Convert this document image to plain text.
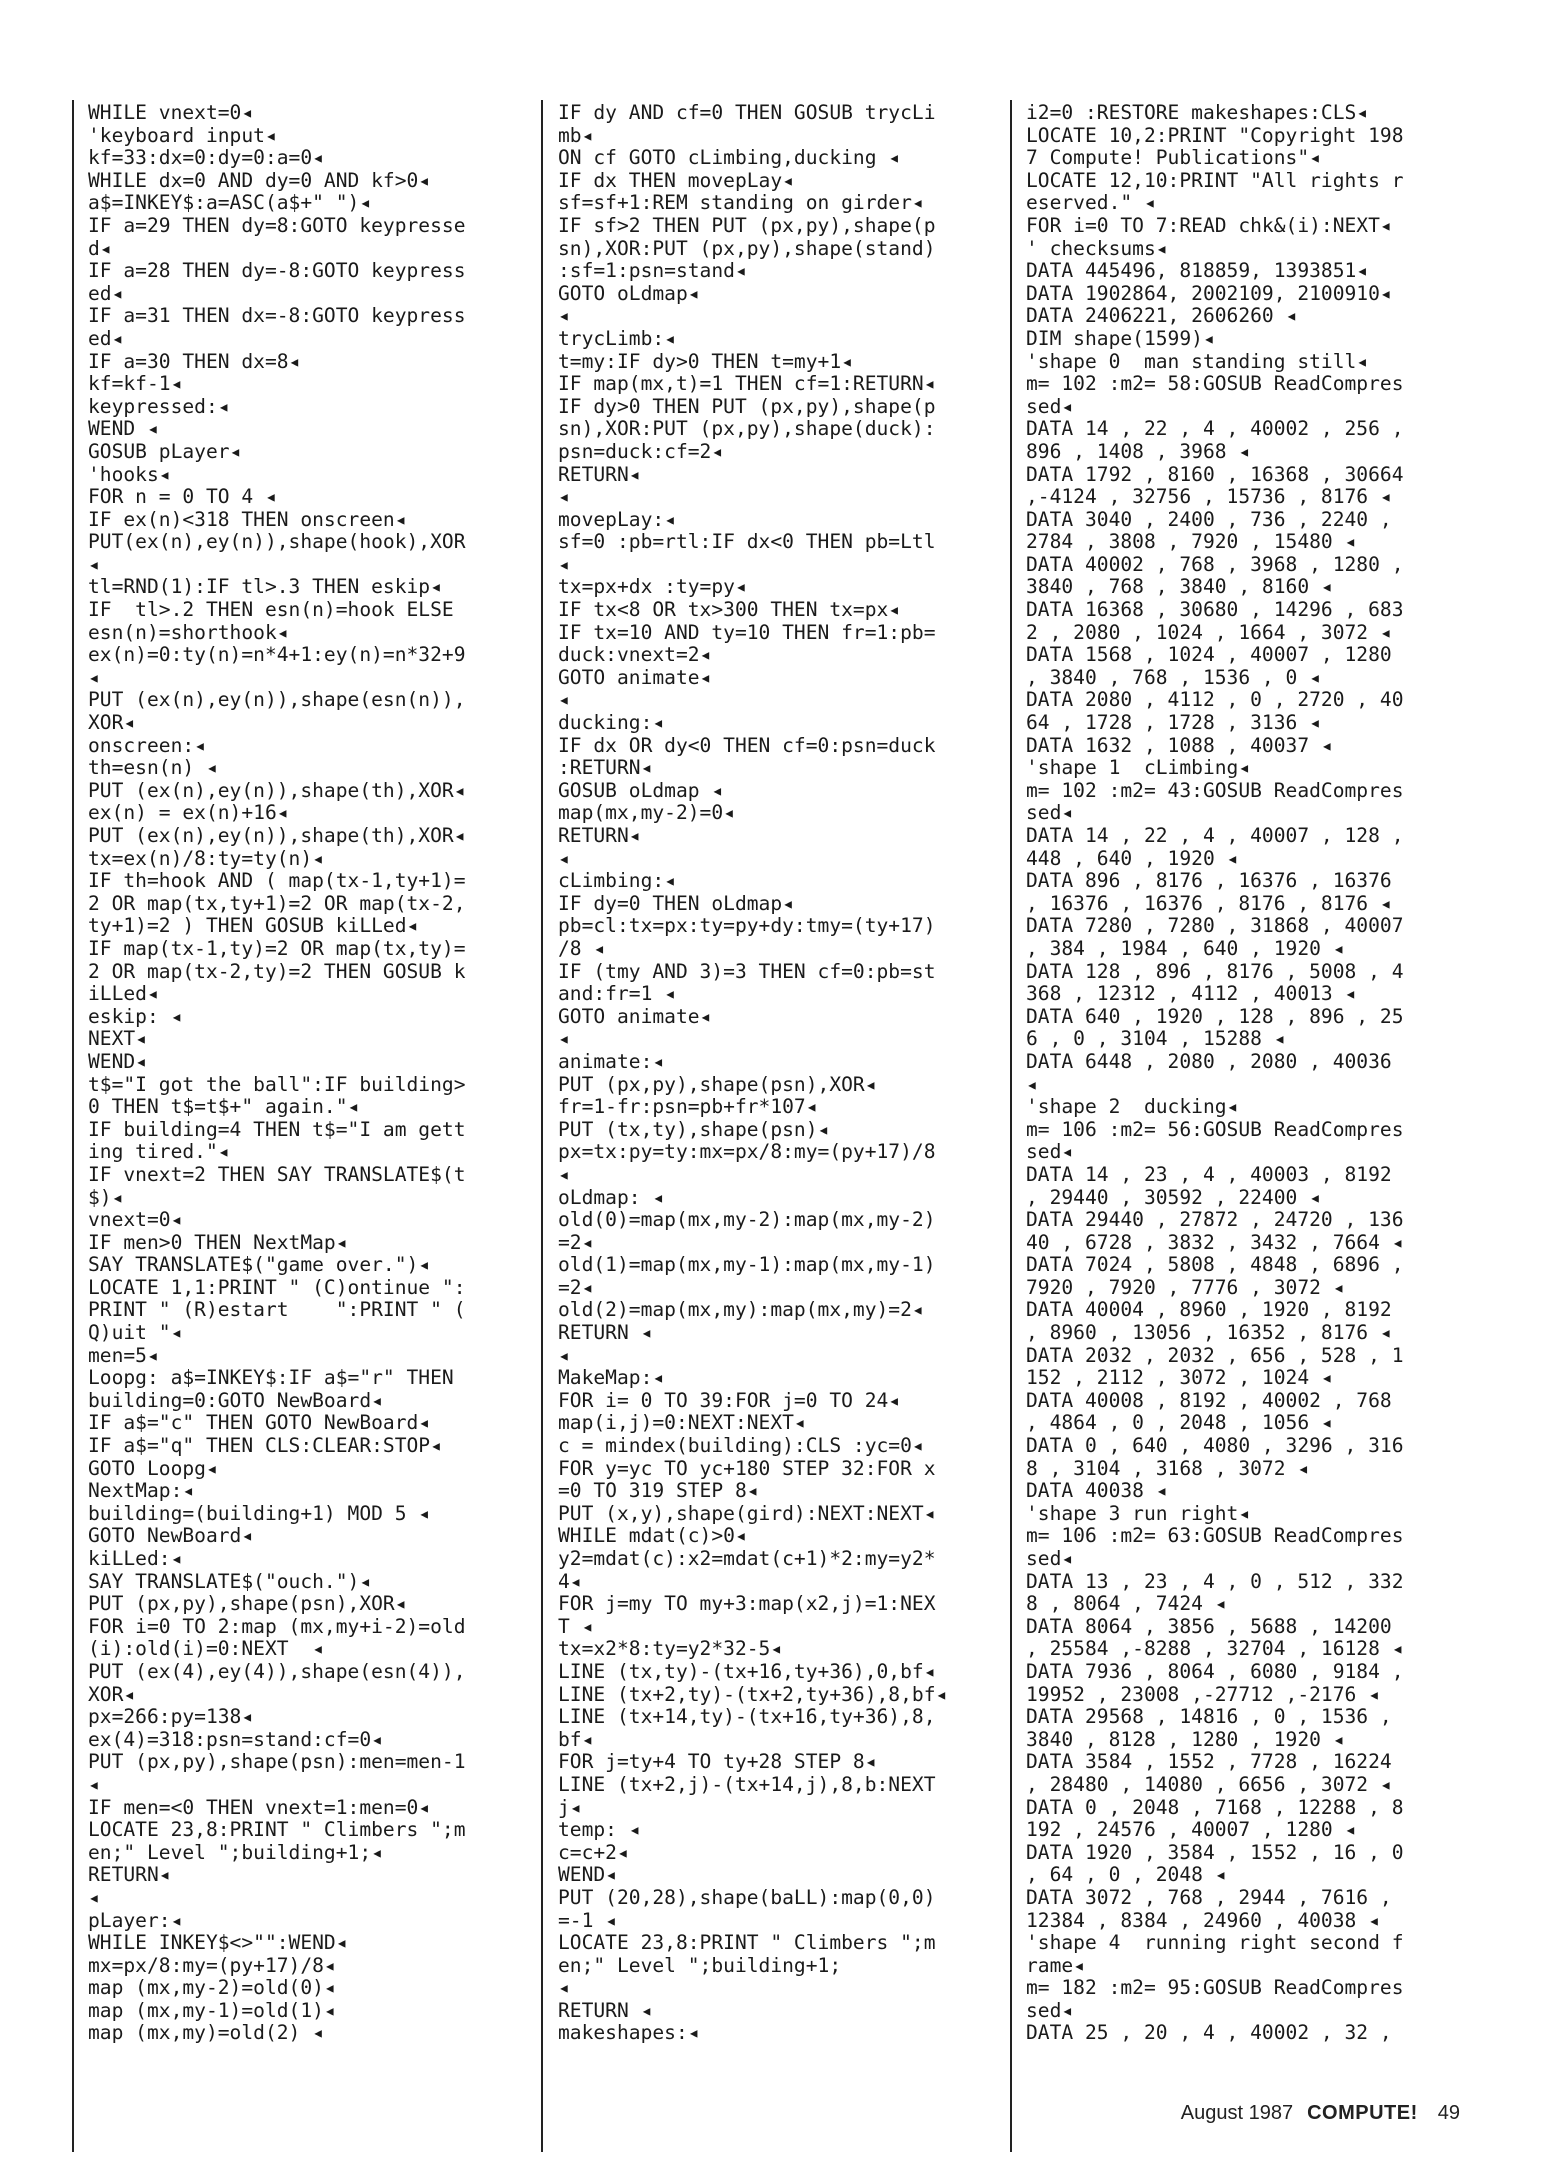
WHILE vnext=0◂
'keyboard input◂
kf=33:dx=0:dy=0:a=0◂
WHILE dx=0 AND dy=0 AND kf>0◂
a$=INKEY$:a=ASC(a$+" ")◂
IF a=29 THEN dy=8:GOTO keypresse
d◂
IF a=28 THEN dy=-8:GOTO keypress
ed◂
IF a=31 THEN dx=-8:GOTO keypress
ed◂
IF a=30 THEN dx=8◂
kf=kf-1◂
keypressed:◂
WEND ◂
GOSUB pLayer◂
'hooks◂
FOR n = 0 TO 4 ◂
IF ex(n)<318 THEN onscreen◂
PUT(ex(n),ey(n)),shape(hook),XOR
◂
tl=RND(1):IF tl>.3 THEN eskip◂
IF  tl>.2 THEN esn(n)=hook ELSE
esn(n)=shorthook◂
ex(n)=0:ty(n)=n*4+1:ey(n)=n*32+9
◂
PUT (ex(n),ey(n)),shape(esn(n)),
XOR◂
onscreen:◂
th=esn(n) ◂
PUT (ex(n),ey(n)),shape(th),XOR◂
ex(n) = ex(n)+16◂
PUT (ex(n),ey(n)),shape(th),XOR◂
tx=ex(n)/8:ty=ty(n)◂
IF th=hook AND ( map(tx-1,ty+1)=
2 OR map(tx,ty+1)=2 OR map(tx-2,
ty+1)=2 ) THEN GOSUB kiLLed◂
IF map(tx-1,ty)=2 OR map(tx,ty)=
2 OR map(tx-2,ty)=2 THEN GOSUB k
iLLed◂
eskip: ◂
NEXT◂
WEND◂
t$="I got the ball":IF building>
0 THEN t$=t$+" again."◂
IF building=4 THEN t$="I am gett
ing tired."◂
IF vnext=2 THEN SAY TRANSLATE$(t
$)◂
vnext=0◂
IF men>0 THEN NextMap◂
SAY TRANSLATE$("game over.")◂
LOCATE 1,1:PRINT " (C)ontinue ":
PRINT " (R)estart    ":PRINT " (
Q)uit "◂
men=5◂
Loopg: a$=INKEY$:IF a$="r" THEN
building=0:GOTO NewBoard◂
IF a$="c" THEN GOTO NewBoard◂
IF a$="q" THEN CLS:CLEAR:STOP◂
GOTO Loopg◂
NextMap:◂
building=(building+1) MOD 5 ◂
GOTO NewBoard◂
kiLLed:◂
SAY TRANSLATE$("ouch.")◂
PUT (px,py),shape(psn),XOR◂
FOR i=0 TO 2:map (mx,my+i-2)=old
(i):old(i)=0:NEXT  ◂
PUT (ex(4),ey(4)),shape(esn(4)),
XOR◂
px=266:py=138◂
ex(4)=318:psn=stand:cf=0◂
PUT (px,py),shape(psn):men=men-1
◂
IF men=<0 THEN vnext=1:men=0◂
LOCATE 23,8:PRINT " Climbers ";m
en;" Level ";building+1;◂
RETURN◂
◂
pLayer:◂
WHILE INKEY$<>"":WEND◂
mx=px/8:my=(py+17)/8◂
map (mx,my-2)=old(0)◂
map (mx,my-1)=old(1)◂
map (mx,my)=old(2) ◂
IF dy AND cf=0 THEN GOSUB trycLi
mb◂
ON cf GOTO cLimbing,ducking ◂
IF dx THEN movepLay◂
sf=sf+1:REM standing on girder◂
IF sf>2 THEN PUT (px,py),shape(p
sn),XOR:PUT (px,py),shape(stand)
:sf=1:psn=stand◂
GOTO oLdmap◂
◂
trycLimb:◂
t=my:IF dy>0 THEN t=my+1◂
IF map(mx,t)=1 THEN cf=1:RETURN◂
IF dy>0 THEN PUT (px,py),shape(p
sn),XOR:PUT (px,py),shape(duck):
psn=duck:cf=2◂
RETURN◂
◂
movepLay:◂
sf=0 :pb=rtl:IF dx<0 THEN pb=Ltl
◂
tx=px+dx :ty=py◂
IF tx<8 OR tx>300 THEN tx=px◂
IF tx=10 AND ty=10 THEN fr=1:pb=
duck:vnext=2◂
GOTO animate◂
◂
ducking:◂
IF dx OR dy<0 THEN cf=0:psn=duck
:RETURN◂
GOSUB oLdmap ◂
map(mx,my-2)=0◂
RETURN◂
◂
cLimbing:◂
IF dy=0 THEN oLdmap◂
pb=cl:tx=px:ty=py+dy:tmy=(ty+17)
/8 ◂
IF (tmy AND 3)=3 THEN cf=0:pb=st
and:fr=1 ◂
GOTO animate◂
◂
animate:◂
PUT (px,py),shape(psn),XOR◂
fr=1-fr:psn=pb+fr*107◂
PUT (tx,ty),shape(psn)◂
px=tx:py=ty:mx=px/8:my=(py+17)/8
◂
oLdmap: ◂
old(0)=map(mx,my-2):map(mx,my-2)
=2◂
old(1)=map(mx,my-1):map(mx,my-1)
=2◂
old(2)=map(mx,my):map(mx,my)=2◂
RETURN ◂
◂
MakeMap:◂
FOR i= 0 TO 39:FOR j=0 TO 24◂
map(i,j)=0:NEXT:NEXT◂
c = mindex(building):CLS :yc=0◂
FOR y=yc TO yc+180 STEP 32:FOR x
=0 TO 319 STEP 8◂
PUT (x,y),shape(gird):NEXT:NEXT◂
WHILE mdat(c)>0◂
y2=mdat(c):x2=mdat(c+1)*2:my=y2*
4◂
FOR j=my TO my+3:map(x2,j)=1:NEX
T ◂
tx=x2*8:ty=y2*32-5◂
LINE (tx,ty)-(tx+16,ty+36),0,bf◂
LINE (tx+2,ty)-(tx+2,ty+36),8,bf◂
LINE (tx+14,ty)-(tx+16,ty+36),8,
bf◂
FOR j=ty+4 TO ty+28 STEP 8◂
LINE (tx+2,j)-(tx+14,j),8,b:NEXT
j◂
temp: ◂
c=c+2◂
WEND◂
PUT (20,28),shape(baLL):map(0,0)
=-1 ◂
LOCATE 23,8:PRINT " Climbers ";m
en;" Level ";building+1;
◂
RETURN ◂
makeshapes:◂
i2=0 :RESTORE makeshapes:CLS◂
LOCATE 10,2:PRINT "Copyright 198
7 Compute! Publications"◂
LOCATE 12,10:PRINT "All rights r
eserved." ◂
FOR i=0 TO 7:READ chk&(i):NEXT◂
' checksums◂
DATA 445496, 818859, 1393851◂
DATA 1902864, 2002109, 2100910◂
DATA 2406221, 2606260 ◂
DIM shape(1599)◂
'shape 0  man standing still◂
m= 102 :m2= 58:GOSUB ReadCompres
sed◂
DATA 14 , 22 , 4 , 40002 , 256 ,
896 , 1408 , 3968 ◂
DATA 1792 , 8160 , 16368 , 30664
,-4124 , 32756 , 15736 , 8176 ◂
DATA 3040 , 2400 , 736 , 2240 ,
2784 , 3808 , 7920 , 15480 ◂
DATA 40002 , 768 , 3968 , 1280 ,
3840 , 768 , 3840 , 8160 ◂
DATA 16368 , 30680 , 14296 , 683
2 , 2080 , 1024 , 1664 , 3072 ◂
DATA 1568 , 1024 , 40007 , 1280
, 3840 , 768 , 1536 , 0 ◂
DATA 2080 , 4112 , 0 , 2720 , 40
64 , 1728 , 1728 , 3136 ◂
DATA 1632 , 1088 , 40037 ◂
'shape 1  cLimbing◂
m= 102 :m2= 43:GOSUB ReadCompres
sed◂
DATA 14 , 22 , 4 , 40007 , 128 ,
448 , 640 , 1920 ◂
DATA 896 , 8176 , 16376 , 16376
, 16376 , 16376 , 8176 , 8176 ◂
DATA 7280 , 7280 , 31868 , 40007
, 384 , 1984 , 640 , 1920 ◂
DATA 128 , 896 , 8176 , 5008 , 4
368 , 12312 , 4112 , 40013 ◂
DATA 640 , 1920 , 128 , 896 , 25
6 , 0 , 3104 , 15288 ◂
DATA 6448 , 2080 , 2080 , 40036
◂
'shape 2  ducking◂
m= 106 :m2= 56:GOSUB ReadCompres
sed◂
DATA 14 , 23 , 4 , 40003 , 8192
, 29440 , 30592 , 22400 ◂
DATA 29440 , 27872 , 24720 , 136
40 , 6728 , 3832 , 3432 , 7664 ◂
DATA 7024 , 5808 , 4848 , 6896 ,
7920 , 7920 , 7776 , 3072 ◂
DATA 40004 , 8960 , 1920 , 8192
, 8960 , 13056 , 16352 , 8176 ◂
DATA 2032 , 2032 , 656 , 528 , 1
152 , 2112 , 3072 , 1024 ◂
DATA 40008 , 8192 , 40002 , 768
, 4864 , 0 , 2048 , 1056 ◂
DATA 0 , 640 , 4080 , 3296 , 316
8 , 3104 , 3168 , 3072 ◂
DATA 40038 ◂
'shape 3 run right◂
m= 106 :m2= 63:GOSUB ReadCompres
sed◂
DATA 13 , 23 , 4 , 0 , 512 , 332
8 , 8064 , 7424 ◂
DATA 8064 , 3856 , 5688 , 14200
, 25584 ,-8288 , 32704 , 16128 ◂
DATA 7936 , 8064 , 6080 , 9184 ,
19952 , 23008 ,-27712 ,-2176 ◂
DATA 29568 , 14816 , 0 , 1536 ,
3840 , 8128 , 1280 , 1920 ◂
DATA 3584 , 1552 , 7728 , 16224
, 28480 , 14080 , 6656 , 3072 ◂
DATA 0 , 2048 , 7168 , 12288 , 8
192 , 24576 , 40007 , 1280 ◂
DATA 1920 , 3584 , 1552 , 16 , 0
, 64 , 0 , 2048 ◂
DATA 3072 , 768 , 2944 , 7616 ,
12384 , 8384 , 24960 , 40038 ◂
'shape 4  running right second f
rame◂
m= 182 :m2= 95:GOSUB ReadCompres
sed◂
DATA 25 , 20 , 4 , 40002 , 32 ,
August 1987 COMPUTE! 49
